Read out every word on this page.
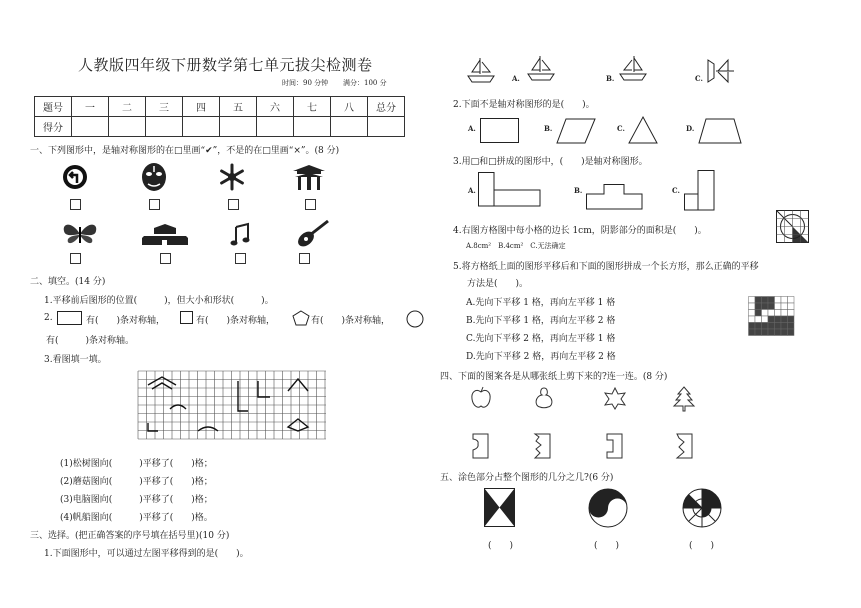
人教版四年级下册数学第七单元拔尖检测卷
时间：90 分钟 满分：100 分
题号	一	二	三	四	五	六	七	八	总分
得分									
一、下列图形中，是轴对称图形的在□里画“✔”，不是的在□里画“×”。(8 分)
二、填空。(14 分)
1.平移前后图形的位置(　　　)，但大小和形状(　　　)。
2.	有(　　)条对称轴，	有(　　)条对称轴，	有(　　)条对称轴，
有(　　　)条对称轴。
3.看图填一填。
(1)松树图向(　　　)平移了(　　)格；
(2)蘑菇图向(　　　)平移了(　　)格；
(3)电脑图向(　　　)平移了(　　)格；
(4)帆船图向(　　　)平移了(　　)格。
三、选择。(把正确答案的序号填在括号里)(10 分)
1.下面图形中，可以通过左图平移得到的是(　　)。
A.	B.	C.
2.下面不是轴对称图形的是(　　)。
A.	B.	C.	D.
3.用□和□拼成的图形中，(　　)是轴对称图形。
A.	B.	C.
4.右图方格图中每小格的边长 1cm，阴影部分的面积是(　　)。
A.8cm²　B.4cm²　C.无法确定
5.将方格纸上面的图形平移后和下面的图形拼成一个长方形，那么正确的平移
方法是(　　)。
A.先向下平移 1 格，再向左平移 1 格
B.先向下平移 1 格，再向左平移 2 格
C.先向下平移 2 格，再向左平移 1 格
D.先向下平移 2 格，再向左平移 2 格
四、下面的图案各是从哪张纸上剪下来的?连一连。(8 分)
五、涂色部分占整个图形的几分之几?(6 分)
(　　)	(　　)	(　　)
